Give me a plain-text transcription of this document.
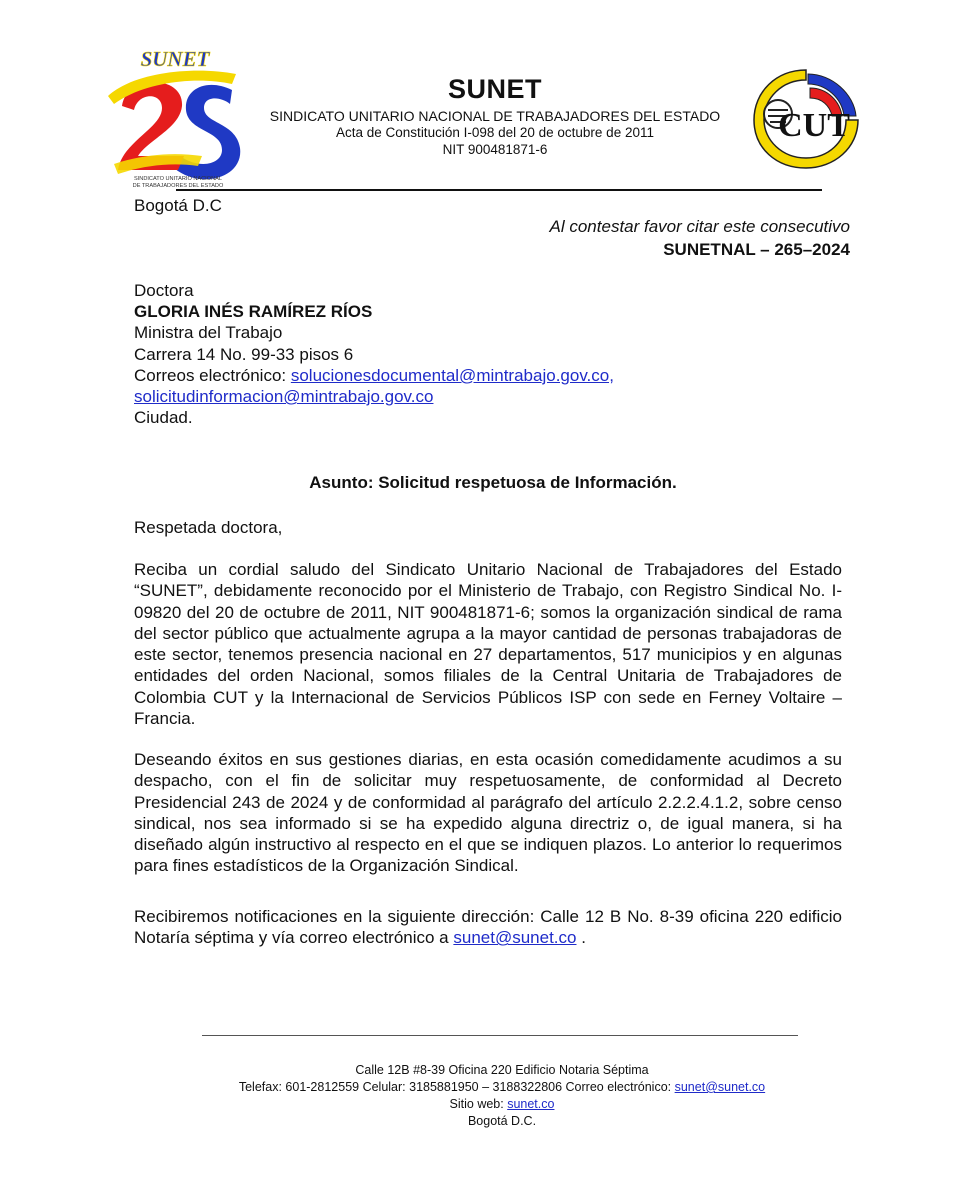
SUNET
SINDICATO UNITARIO NACIONAL
DE TRABAJADORES DEL ESTADO
SUNET
SINDICATO UNITARIO NACIONAL DE TRABAJADORES DEL ESTADO
Acta de Constitución I-098 del 20 de octubre de 2011
NIT 900481871-6
CUT
Bogotá D.C
Al contestar favor citar este consecutivo
SUNETNAL – 265–2024
Doctora
GLORIA INÉS RAMÍREZ RÍOS
Ministra del Trabajo
Carrera 14 No. 99-33 pisos 6
Correos electrónico: solucionesdocumental@mintrabajo.gov.co,
solicitudinformacion@mintrabajo.gov.co
Ciudad.
Asunto: Solicitud respetuosa de Información.
Respetada doctora,
Reciba un cordial saludo del Sindicato Unitario Nacional de Trabajadores del Estado “SUNET”, debidamente reconocido por el Ministerio de Trabajo, con Registro Sindical No. I-09820 del 20 de octubre de 2011, NIT 900481871-6; somos la organización sindical de rama del sector público que actualmente agrupa a la mayor cantidad de personas trabajadoras de este sector, tenemos presencia nacional en 27 departamentos, 517 municipios y en algunas entidades del orden Nacional, somos filiales de la Central Unitaria de Trabajadores de Colombia CUT y la Internacional de Servicios Públicos ISP con sede en Ferney Voltaire – Francia.
Deseando éxitos en sus gestiones diarias, en esta ocasión comedidamente acudimos a su despacho, con el fin de solicitar muy respetuosamente, de conformidad al Decreto Presidencial 243 de 2024 y de conformidad al parágrafo del artículo 2.2.2.4.1.2, sobre censo sindical, nos sea informado si se ha expedido alguna directriz o, de igual manera, si ha diseñado algún instructivo al respecto en el que se indiquen plazos. Lo anterior lo requerimos para fines estadísticos de la Organización Sindical.
Recibiremos notificaciones en la siguiente dirección: Calle 12 B No. 8-39 oficina 220 edificio Notaría séptima y vía correo electrónico a sunet@sunet.co .
Calle 12B #8-39 Oficina 220 Edificio Notaria Séptima
Telefax: 601-2812559 Celular: 3185881950 – 3188322806 Correo electrónico: sunet@sunet.co
Sitio web: sunet.co
Bogotá D.C.
